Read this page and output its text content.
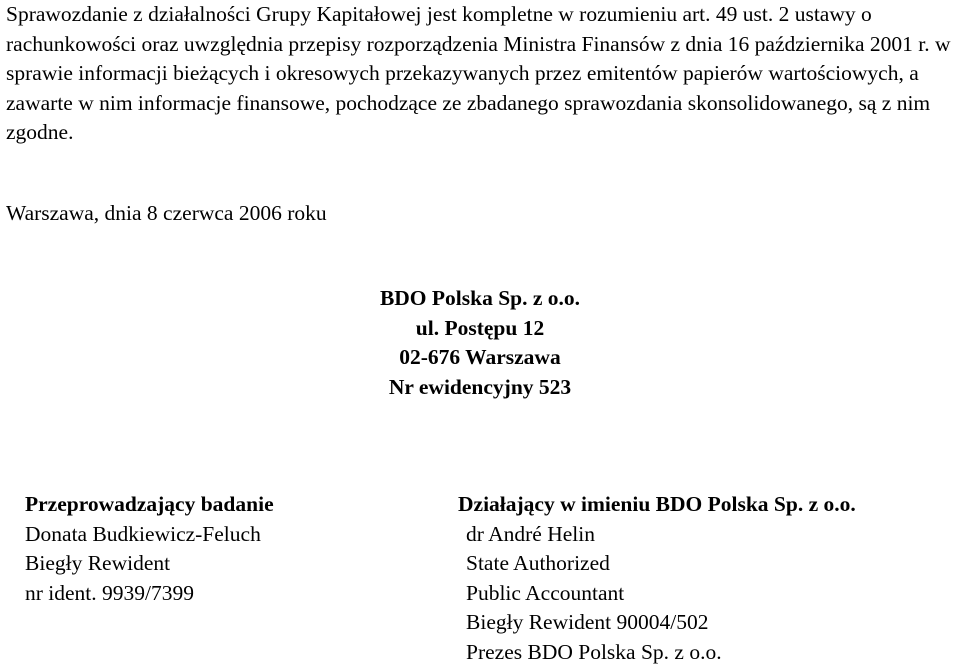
Sprawozdanie z działalności Grupy Kapitałowej jest kompletne w rozumieniu art. 49 ust. 2 ustawy o rachunkowości oraz uwzględnia przepisy rozporządzenia Ministra Finansów z dnia 16 października 2001 r. w sprawie informacji bieżących i okresowych przekazywanych przez emitentów papierów wartościowych, a zawarte w nim informacje finansowe, pochodzące ze zbadanego sprawozdania skonsolidowanego, są z nim zgodne.

Warszawa, dnia 8 czerwca 2006 roku

BDO Polska Sp. z o.o.
ul. Postępu 12
02-676 Warszawa
Nr ewidencyjny 523
Przeprowadzający badanie
Donata Budkiewicz-Feluch
Biegły Rewident
nr ident. 9939/7399
Działający w imieniu BDO Polska Sp. z o.o.
dr André Helin
State Authorized
Public Accountant
Biegły Rewident 90004/502
Prezes BDO Polska Sp. z o.o.
